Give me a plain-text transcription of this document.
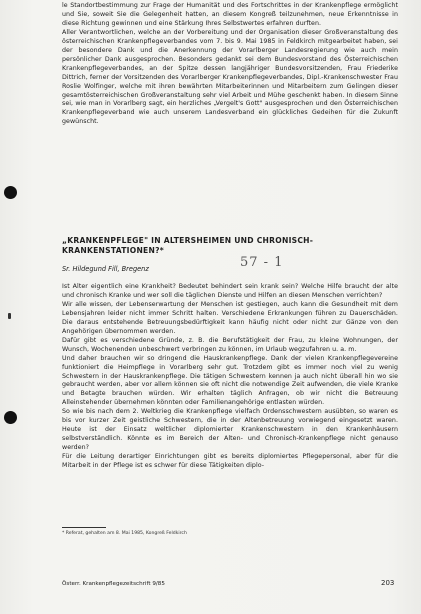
le Standortbestimmung zur Frage der Humanität und des Fortschrittes in der Krankenpflege ermöglicht und Sie, soweit Sie die Gelegenheit hatten, an diesem Kongreß teilzunehmen, neue Erkenntnisse in diese Richtung gewinnen und eine Stärkung Ihres Selbstwertes erfahren durften.

Aller Verantwortlichen, welche an der Vorbereitung und der Organisation dieser Großveranstaltung des österreichischen Krankenpflegeverbandes vom 7. bis 9. Mai 1985 in Feldkirch mitgearbeitet haben, sei der besondere Dank und die Anerkennung der Vorarlberger Landesregierung wie auch mein persönlicher Dank ausgesprochen. Besonders gedankt sei dem Bundesvorstand des Österreichischen Krankenpflegeverbandes, an der Spitze dessen langjähriger Bundesvorsitzenden, Frau Friederike Dittrich, ferner der Vorsitzenden des Vorarlberger Krankenpflegeverbandes, Dipl.-Krankenschwester Frau Roslie Wolfinger, welche mit ihren bewährten Mitarbeiterinnen und Mitarbeitern zum Gelingen dieser gesamtösterreichischen Großveranstaltung sehr viel Arbeit und Mühe geschenkt haben. In diesem Sinne sei, wie man in Vorarlberg sagt, ein herzliches „Vergelt's Gott" ausgesprochen und den Österreichischen Krankenpflegeverband wie auch unserem Landesverband ein glückliches Gedeihen für die Zukunft gewünscht.

„KRANKENPFLEGE" IN ALTERSHEIMEN UND CHRONISCH-KRANKENSTATIONEN?*
Sr. Hildegund Fill, Bregenz	57 - 1

Ist Alter eigentlich eine Krankheit? Bedeutet behindert sein krank sein? Welche Hilfe braucht der alte und chronisch Kranke und wer soll die täglichen Dienste und Hilfen an diesen Menschen verrichten?

Wir alle wissen, der Lebenserwartung der Menschen ist gestiegen, auch kann die Gesundheit mit dem Lebensjahren leider nicht immer Schritt halten. Verschiedene Erkrankungen führen zu Dauerschäden. Die daraus entstehende Betreuungsbedürftigkeit kann häufig nicht oder nicht zur Gänze von den Angehörigen übernommen werden.

Dafür gibt es verschiedene Gründe, z. B. die Berufstätigkeit der Frau, zu kleine Wohnungen, der Wunsch, Wochenenden unbeschwert verbringen zu können, im Urlaub wegzufahren u. a. m.

Und daher brauchen wir so dringend die Hauskrankenpflege. Dank der vielen Krankenpflegevereine funktioniert die Heimpflege in Vorarlberg sehr gut. Trotzdem gibt es immer noch viel zu wenig Schwestern in der Hauskrankenpflege. Die tätigen Schwestern kennen ja auch nicht überall hin wo sie gebraucht werden, aber vor allem können sie oft nicht die notwendige Zeit aufwenden, die viele Kranke und Betagte brauchen würden. Wir erhalten täglich Anfragen, ob wir nicht die Betreuung Alleinstehender übernehmen könnten oder Familienangehörige entlasten würden.

So wie bis nach dem 2. Weltkrieg die Krankenpflege vielfach Ordensschwestern ausübten, so waren es bis vor kurzer Zeit geistliche Schwestern, die in der Altenbetreuung vorwiegend eingesetzt waren. Heute ist der Einsatz weltlicher diplomierter Krankenschwestern in den Krankenhäusern selbstverständlich. Könnte es im Bereich der Alten- und Chronisch-Krankenpflege nicht genauso werden?

Für die Leitung derartiger Einrichtungen gibt es bereits diplomiertes Pflegepersonal, aber für die Mitarbeit in der Pflege ist es schwer für diese Tätigkeiten diplo-

* Referat, gehalten am 8. Mai 1985, Kongreß Feldkirch
Österr. Krankenpflegezeitschrift 9/85	203
